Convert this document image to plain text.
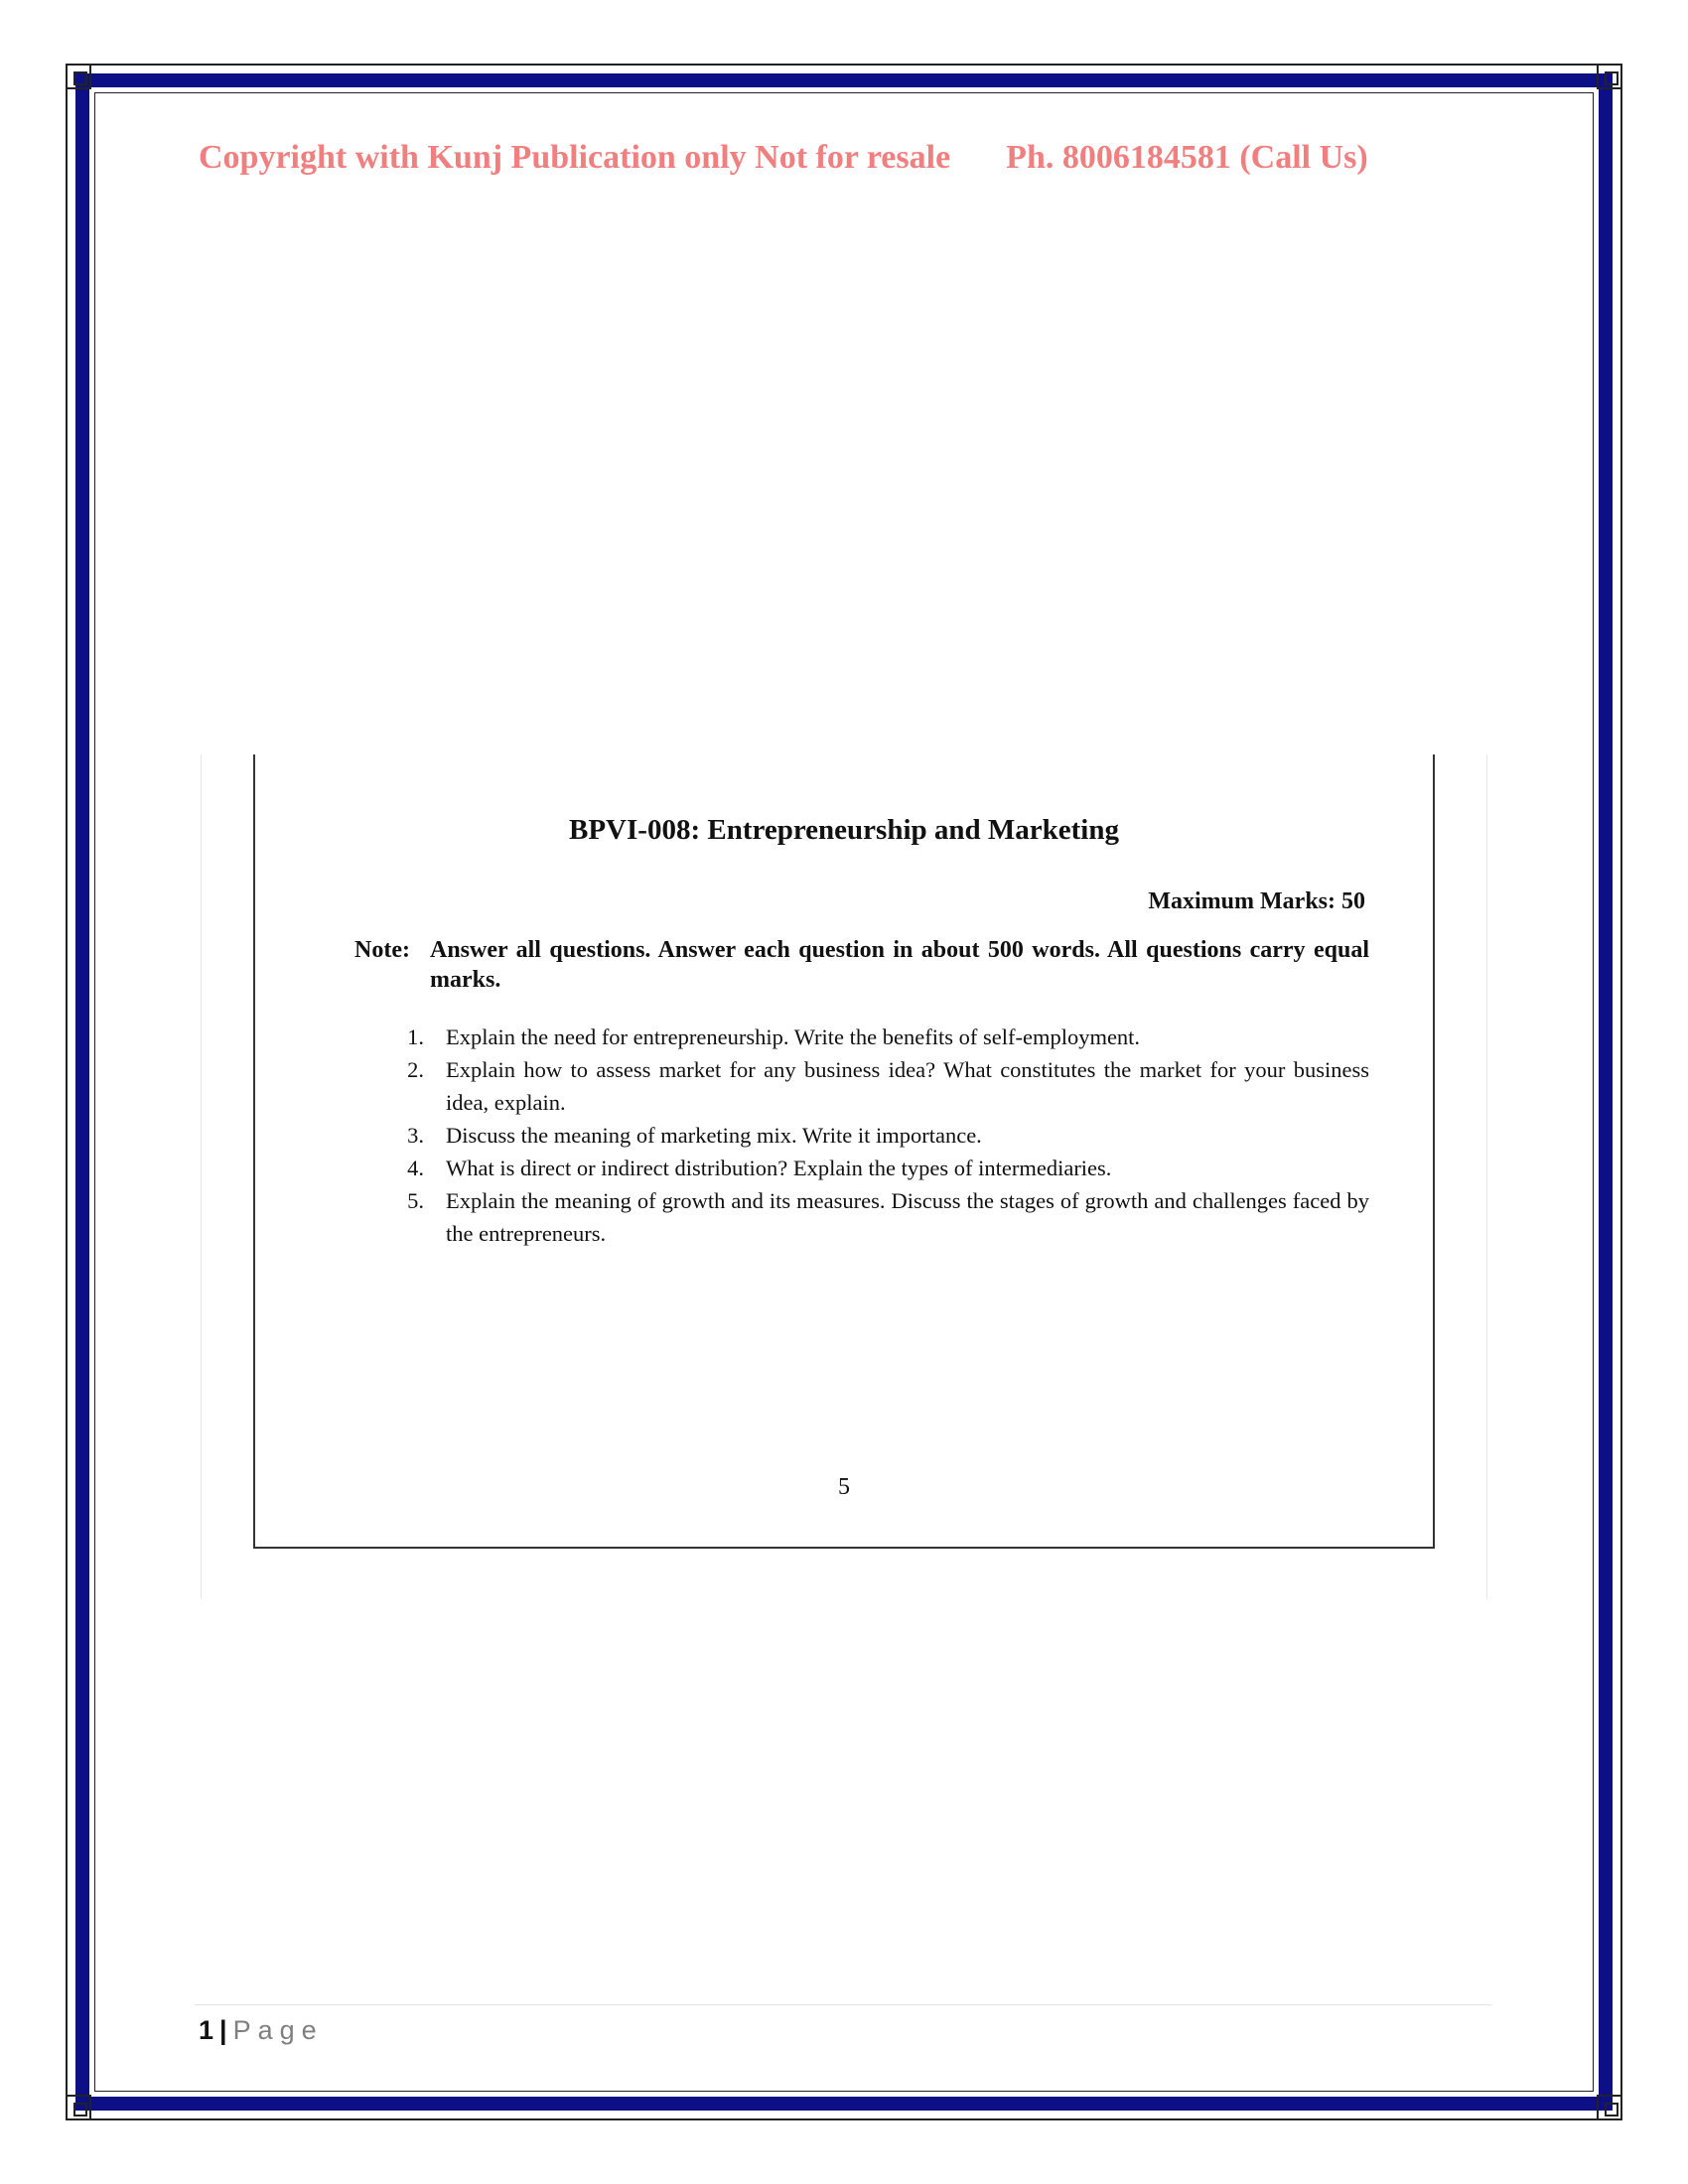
Copyright with Kunj Publication only Not for resale Ph. 8006184581 (Call Us)
BPVI-008: Entrepreneurship and Marketing
Maximum Marks: 50
Note: Answer all questions. Answer each question in about 500 words. All questions carry equal marks.
1. Explain the need for entrepreneurship. Write the benefits of self-employment.
2. Explain how to assess market for any business idea? What constitutes the market for your business idea, explain.
3. Discuss the meaning of marketing mix. Write it importance.
4. What is direct or indirect distribution? Explain the types of intermediaries.
5. Explain the meaning of growth and its measures. Discuss the stages of growth and challenges faced by the entrepreneurs.
5
1 | Page
